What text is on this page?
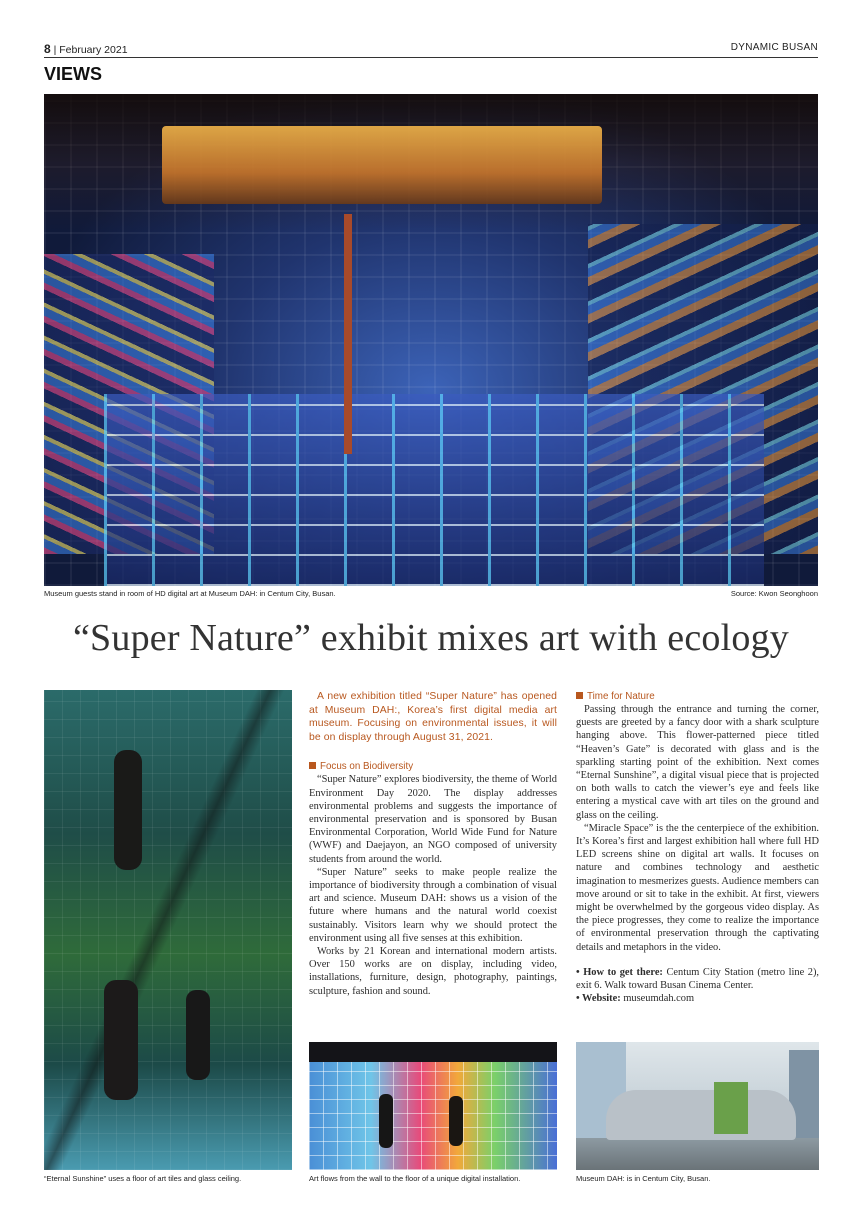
8 | February 2021	DYNAMIC BUSAN
VIEWS
Museum guests stand in room of HD digital art at Museum DAH: in Centum City, Busan.	Source: Kwon Seonghoon
“Super Nature” exhibit mixes art with ecology
“Eternal Sunshine” uses a floor of art tiles and glass ceiling.

A new exhibition titled “Super Nature” has opened at Museum DAH:, Korea’s first digital media art museum. Focusing on environmental issues, it will be on display through August 31, 2021.

Focus on Biodiversity

“Super Nature” explores biodiversity, the theme of World Environment Day 2020. The display addresses environmental problems and suggests the importance of environmental preservation and is sponsored by Busan Environmental Corporation, World Wide Fund for Nature (WWF) and Daejayon, an NGO composed of university students from around the world.

“Super Nature” seeks to make people realize the importance of biodiversity through a combination of visual art and science. Museum DAH: shows us a vision of the future where humans and the natural world coexist sustainably. Visitors learn why we should protect the environment using all five senses at this exhibition.

Works by 21 Korean and international modern artists. Over 150 works are on display, including video, installations, furniture, design, photography, paintings, sculpture, fashion and sound.

Time for Nature

Passing through the entrance and turning the corner, guests are greeted by a fancy door with a shark sculpture hanging above. This flower-patterned piece titled “Heaven’s Gate” is decorated with glass and is the sparkling starting point of the exhibition. Next comes “Eternal Sunshine”, a digital visual piece that is projected on both walls to catch the viewer’s eye and feels like entering a mystical cave with art tiles on the ground and glass on the ceiling.

“Miracle Space” is the the centerpiece of the exhibition. It’s Korea’s first and largest exhibition hall where full HD LED screens shine on digital art walls. It focuses on nature and combines technology and aesthetic imagination to mesmerizes guests. Audience members can move around or sit to take in the exhibit. At first, viewers might be overwhelmed by the gorgeous video display. As the piece progresses, they come to realize the importance of environmental preservation through the captivating details and metaphors in the video.

• How to get there: Centum City Station (metro line 2), exit 6. Walk toward Busan Cinema Center.

• Website: museumdah.com

Art flows from the wall to the floor of a unique digital installation.	Museum DAH: is in Centum City, Busan.
